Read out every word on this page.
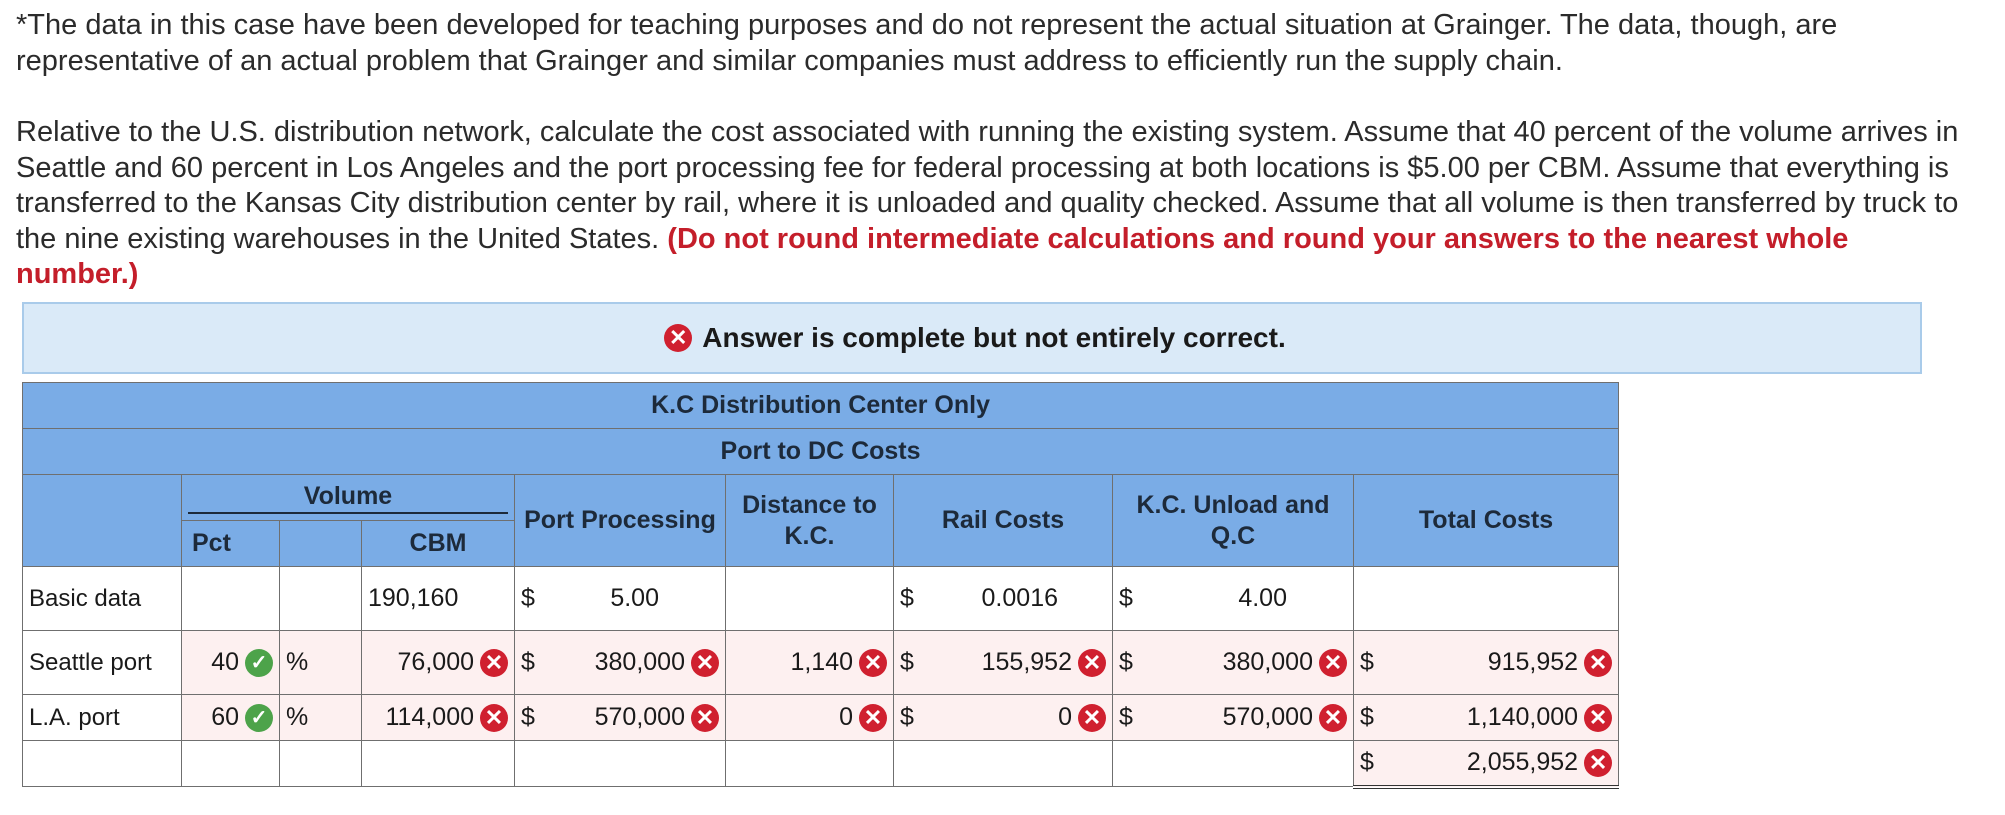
*The data in this case have been developed for teaching purposes and do not represent the actual situation at Grainger. The data, though, are representative of an actual problem that Grainger and similar companies must address to efficiently run the supply chain.
Relative to the U.S. distribution network, calculate the cost associated with running the existing system. Assume that 40 percent of the volume arrives in Seattle and 60 percent in Los Angeles and the port processing fee for federal processing at both locations is $5.00 per CBM. Assume that everything is transferred to the Kansas City distribution center by rail, where it is unloaded and quality checked. Assume that all volume is then transferred by truck to the nine existing warehouses in the United States. (Do not round intermediate calculations and round your answers to the nearest whole number.)
✕ Answer is complete but not entirely correct.
K.C Distribution Center Only								
Port to DC Costs								

	Volume			Port Processing	Distance to K.C.	Rail Costs	K.C. Unload and Q.C	Total Costs
	Pct		CBM					
Basic data			190,160	$ 5.00		$ 0.0016	$ 4.00	

Seattle port	40 ✓	%	76,000 ✕	$ 380,000 ✕	1,140 ✕	$ 155,952 ✕	$ 380,000 ✕	$ 915,952 ✕

L.A. port	60 ✓	%	114,000 ✕	$ 570,000 ✕	0 ✕	$ 0 ✕	$ 570,000 ✕	$ 1,140,000 ✕

								$ 2,055,952 ✕
